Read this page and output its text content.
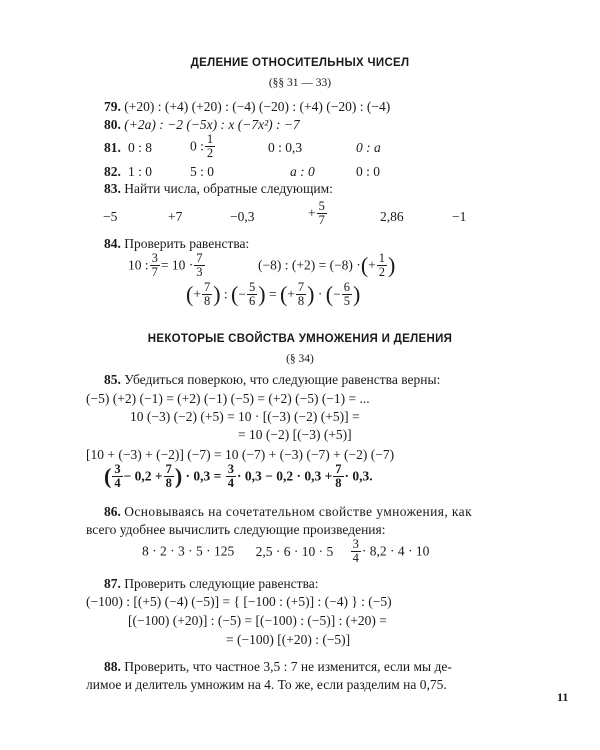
ДЕЛЕНИЕ ОТНОСИТЕЛЬНЫХ ЧИСЕЛ
(§§ 31 — 33)
79. (+20) : (+4) (+20) : (−4) (−20) : (+4) (−20) : (−4)
80. (+2a) : −2 (−5x) : x (−7x²) : −7
81. 0 : 8	0 : $\frac{1}{2}$	0 : 0,3	0 : a
82. 1 : 0	5 : 0	a : 0	0 : 0
83. Найти числа, обратные следующим:
−5	+7	−0,3	+ $\frac{5}{7}$	2,86	−1
84. Проверить равенства:
10 : $\frac{3}{7} = 10 \cdot \frac{7}{3}$	(−8) : (+2) = (−8) ·(+ $\frac{1}{2}$ )
(+ $\frac{7}{8}$ ) : (− $\frac{5}{6}$ ) = (+ $\frac{7}{8}$ ) · (− $\frac{6}{5}$ )
НЕКОТОРЫЕ СВОЙСТВА УМНОЖЕНИЯ И ДЕЛЕНИЯ
(§ 34)
85. Убедиться поверкою, что следующие равенства верны:
(−5) (+2) (−1) = (+2) (−1) (−5) = (+2) (−5) (−1) = ...
10 (−3) (−2) (+5) = 10 · [(−3) (−2) (+5)] =
= 10 (−2) [(−3) (+5)]
[10 + (−3) + (−2)] (−7) = 10 (−7) + (−3) (−7) + (−2) (−7)
( $\frac{3}{4} - 0,2 + \frac{7}{8}$ ) · $0,3 = \frac{3}{4} \cdot 0,3 - 0,2 \cdot 0,3 + \frac{7}{8} \cdot 0,3$.
86. Основываясь на сочетательном свойстве умножения, как
всего удобнее вычислить следующие произведения:
8 · 2 · 3 · 5 · 125 $2,5 \cdot 6 \cdot 10 \cdot 5 \frac{3}{4} \cdot 8,2 \cdot 4 \cdot 10$
87. Проверить следующие равенства:
(−100) : [(+5) (−4) (−5)] = { [−100 : (+5)] : (−4) } : (−5)
[(−100) (+20)] : (−5) = [(−100) : (−5)] : (+20) =
= (−100) [(+20) : (−5)]
88. Проверить, что частное 3,5 : 7 не изменится, если мы де-
лимое и делитель умножим на 4. То же, если разделим на 0,75.
11
